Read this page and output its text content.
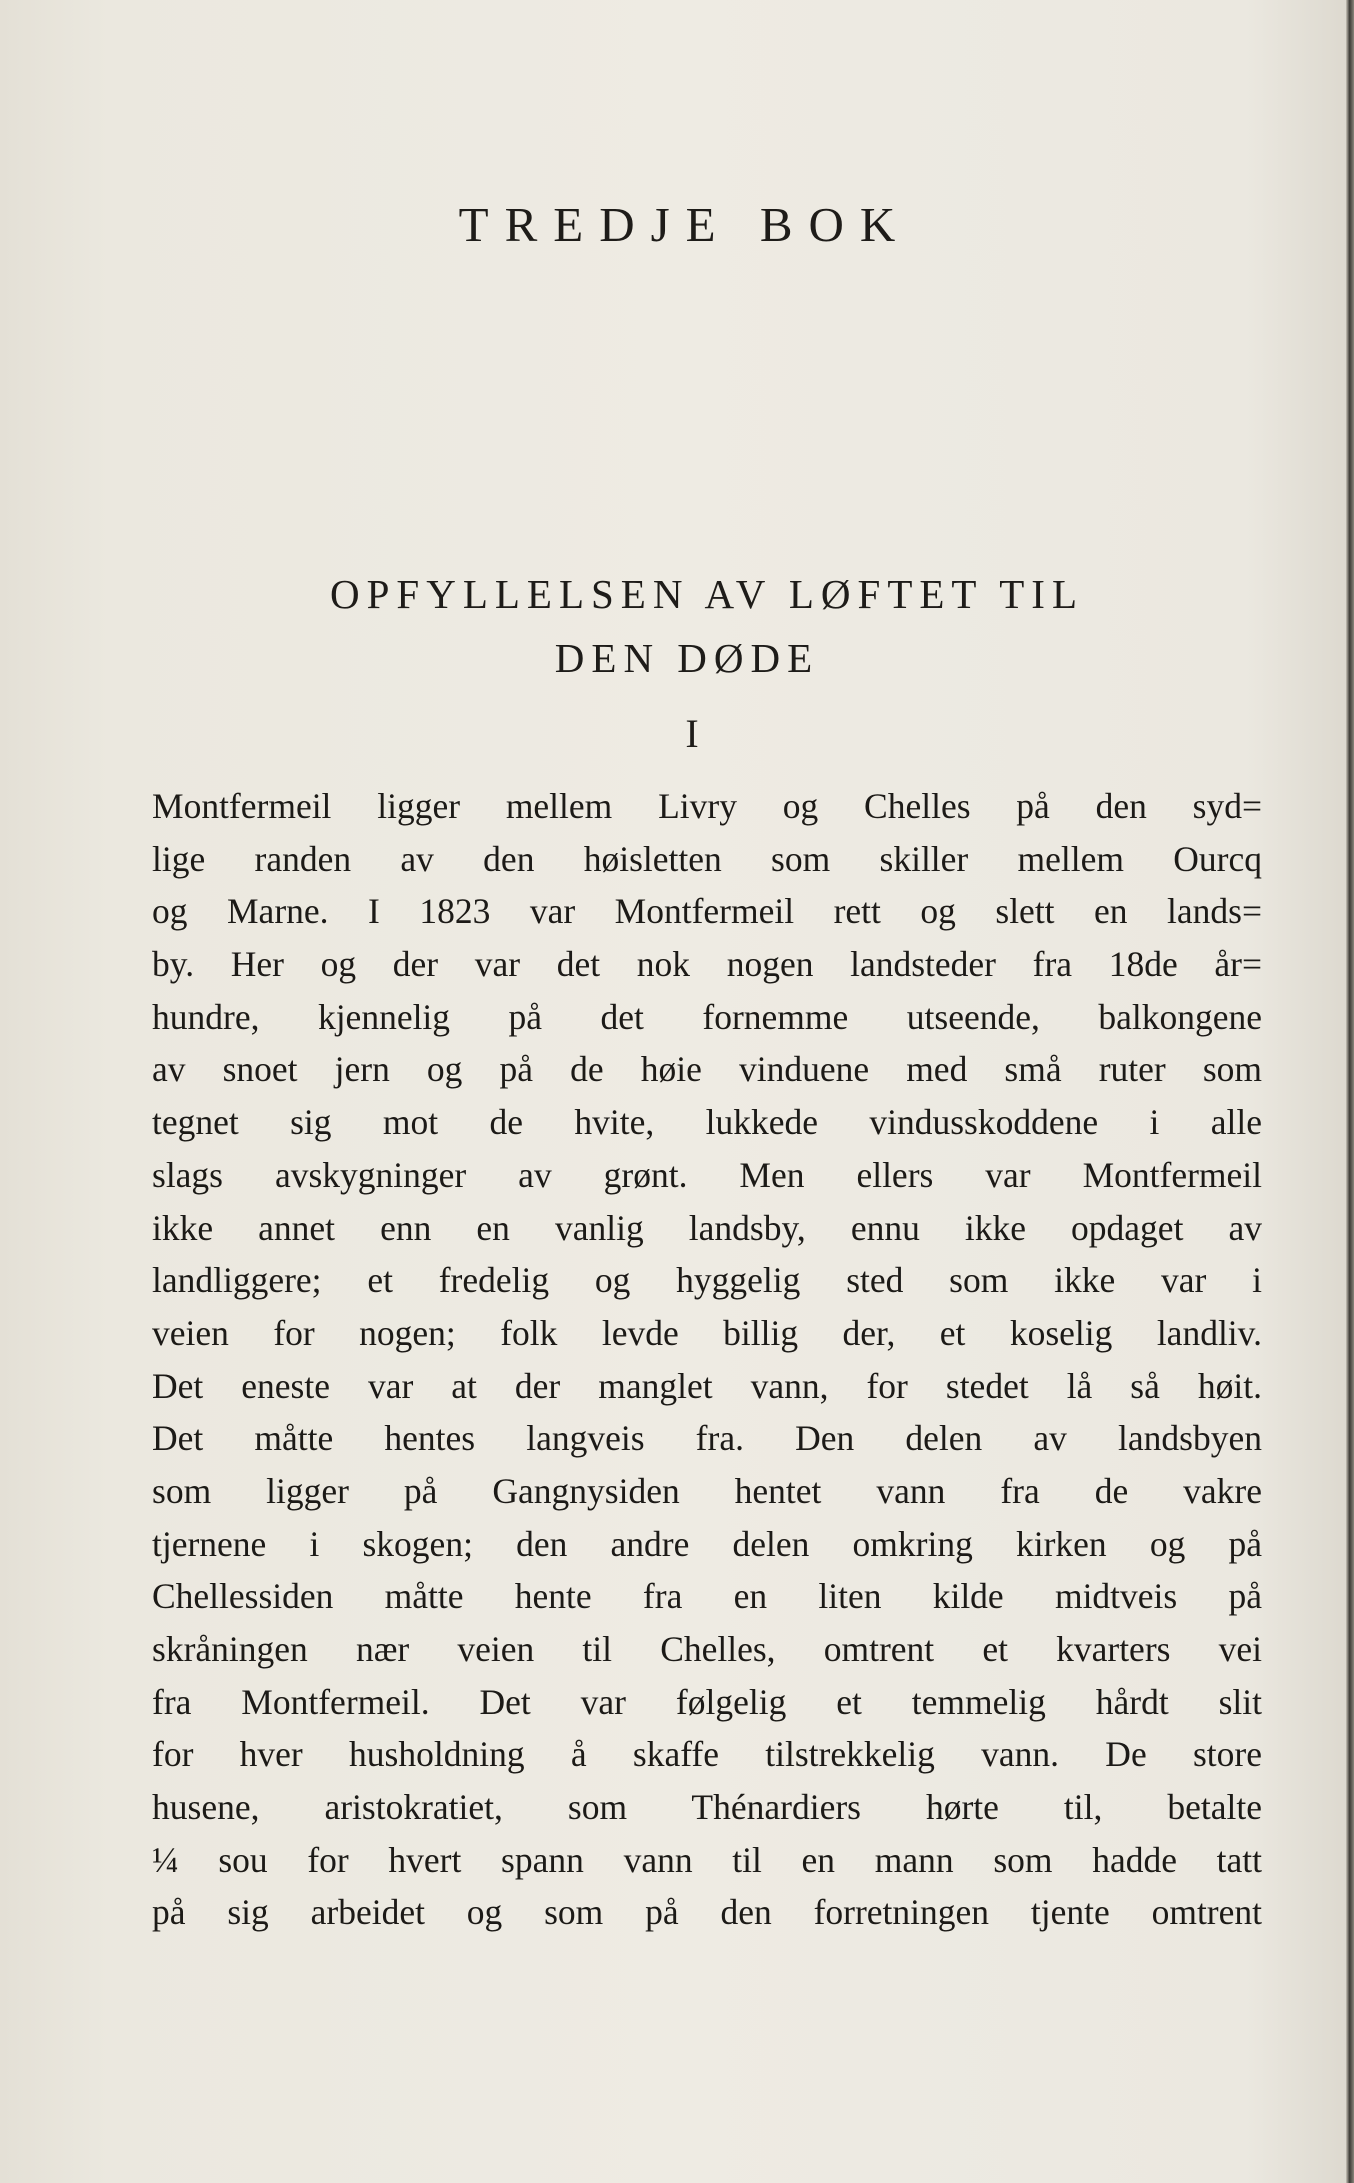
TREDJE BOK
OPFYLLELSEN AV LØFTET TIL
DEN DØDE
I
Montfermeil ligger mellem Livry og Chelles på den syd=
lige randen av den høisletten som skiller mellem Ourcq
og Marne. I 1823 var Montfermeil rett og slett en lands=
by. Her og der var det nok nogen landsteder fra 18de år=
hundre, kjennelig på det fornemme utseende, balkongene
av snoet jern og på de høie vinduene med små ruter som
tegnet sig mot de hvite, lukkede vindusskoddene i alle
slags avskygninger av grønt. Men ellers var Montfermeil
ikke annet enn en vanlig landsby, ennu ikke opdaget av
landliggere; et fredelig og hyggelig sted som ikke var i
veien for nogen; folk levde billig der, et koselig landliv.
Det eneste var at der manglet vann, for stedet lå så høit.
Det måtte hentes langveis fra. Den delen av landsbyen
som ligger på Gangnysiden hentet vann fra de vakre
tjernene i skogen; den andre delen omkring kirken og på
Chellessiden måtte hente fra en liten kilde midtveis på
skråningen nær veien til Chelles, omtrent et kvarters vei
fra Montfermeil. Det var følgelig et temmelig hårdt slit
for hver husholdning å skaffe tilstrekkelig vann. De store
husene, aristokratiet, som Thénardiers hørte til, betalte
¼ sou for hvert spann vann til en mann som hadde tatt
på sig arbeidet og som på den forretningen tjente omtrent
